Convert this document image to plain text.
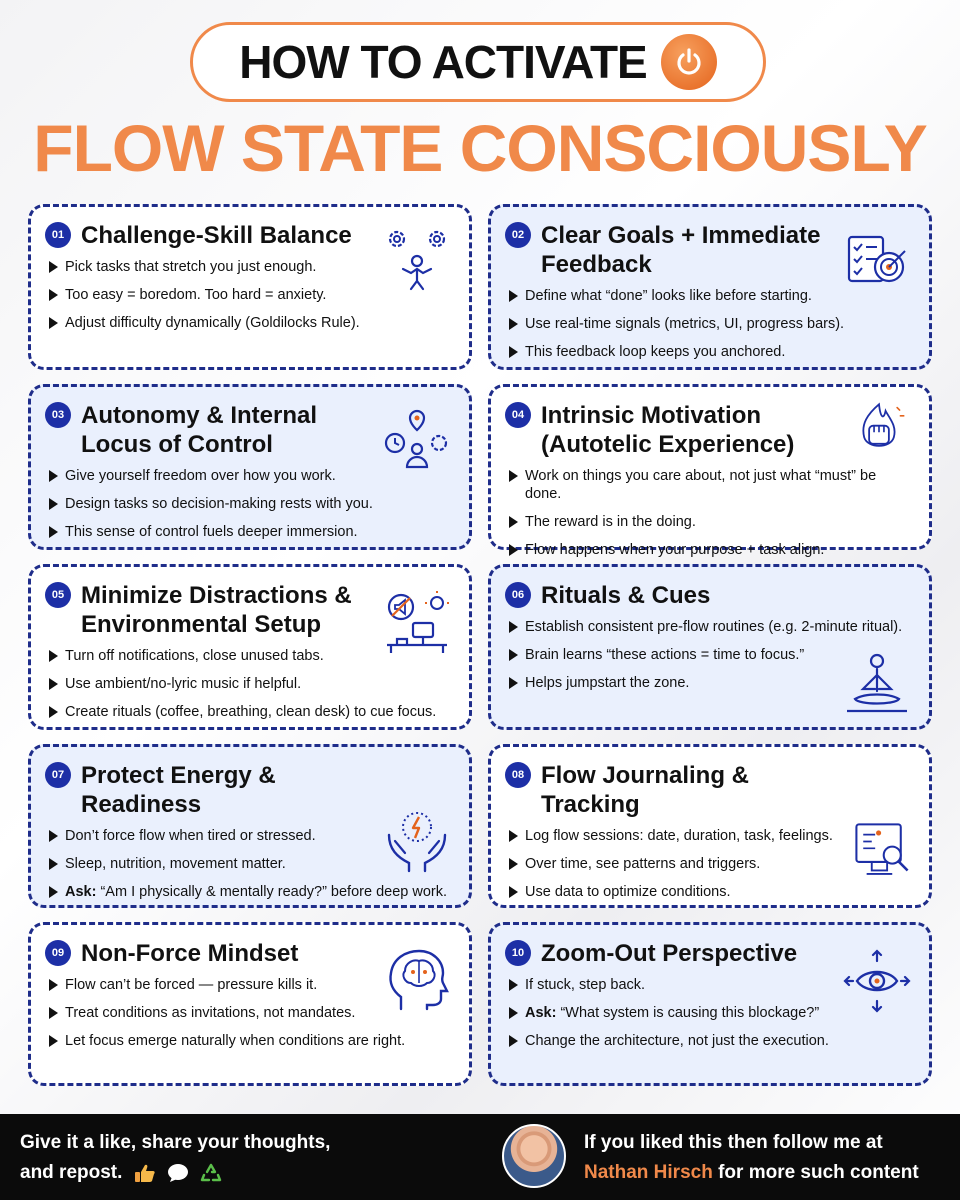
HOW TO ACTIVATE
FLOW STATE CONSCIOUSLY
01 Challenge-Skill Balance
Pick tasks that stretch you just enough.
Too easy = boredom. Too hard = anxiety.
Adjust difficulty dynamically (Goldilocks Rule).
02 Clear Goals + Immediate Feedback
Define what “done” looks like before starting.
Use real-time signals (metrics, UI, progress bars).
This feedback loop keeps you anchored.
03 Autonomy & Internal Locus of Control
Give yourself freedom over how you work.
Design tasks so decision-making rests with you.
This sense of control fuels deeper immersion.
04 Intrinsic Motivation (Autotelic Experience)
Work on things you care about, not just what “must” be done.
The reward is in the doing.
Flow happens when your purpose + task align.
05 Minimize Distractions & Environmental Setup
Turn off notifications, close unused tabs.
Use ambient/no-lyric music if helpful.
Create rituals (coffee, breathing, clean desk) to cue focus.
06 Rituals & Cues
Establish consistent pre-flow routines (e.g. 2-minute ritual).
Brain learns “these actions = time to focus.”
Helps jumpstart the zone.
07 Protect Energy & Readiness
Don’t force flow when tired or stressed.
Sleep, nutrition, movement matter.
Ask: “Am I physically & mentally ready?” before deep work.
08 Flow Journaling & Tracking
Log flow sessions: date, duration, task, feelings.
Over time, see patterns and triggers.
Use data to optimize conditions.
09 Non-Force Mindset
Flow can’t be forced — pressure kills it.
Treat conditions as invitations, not mandates.
Let focus emerge naturally when conditions are right.
10 Zoom-Out Perspective
If stuck, step back.
Ask: “What system is causing this blockage?”
Change the architecture, not just the execution.
Give it a like, share your thoughts,
and repost.
If you liked this then follow me at
Nathan Hirsch for more such content
